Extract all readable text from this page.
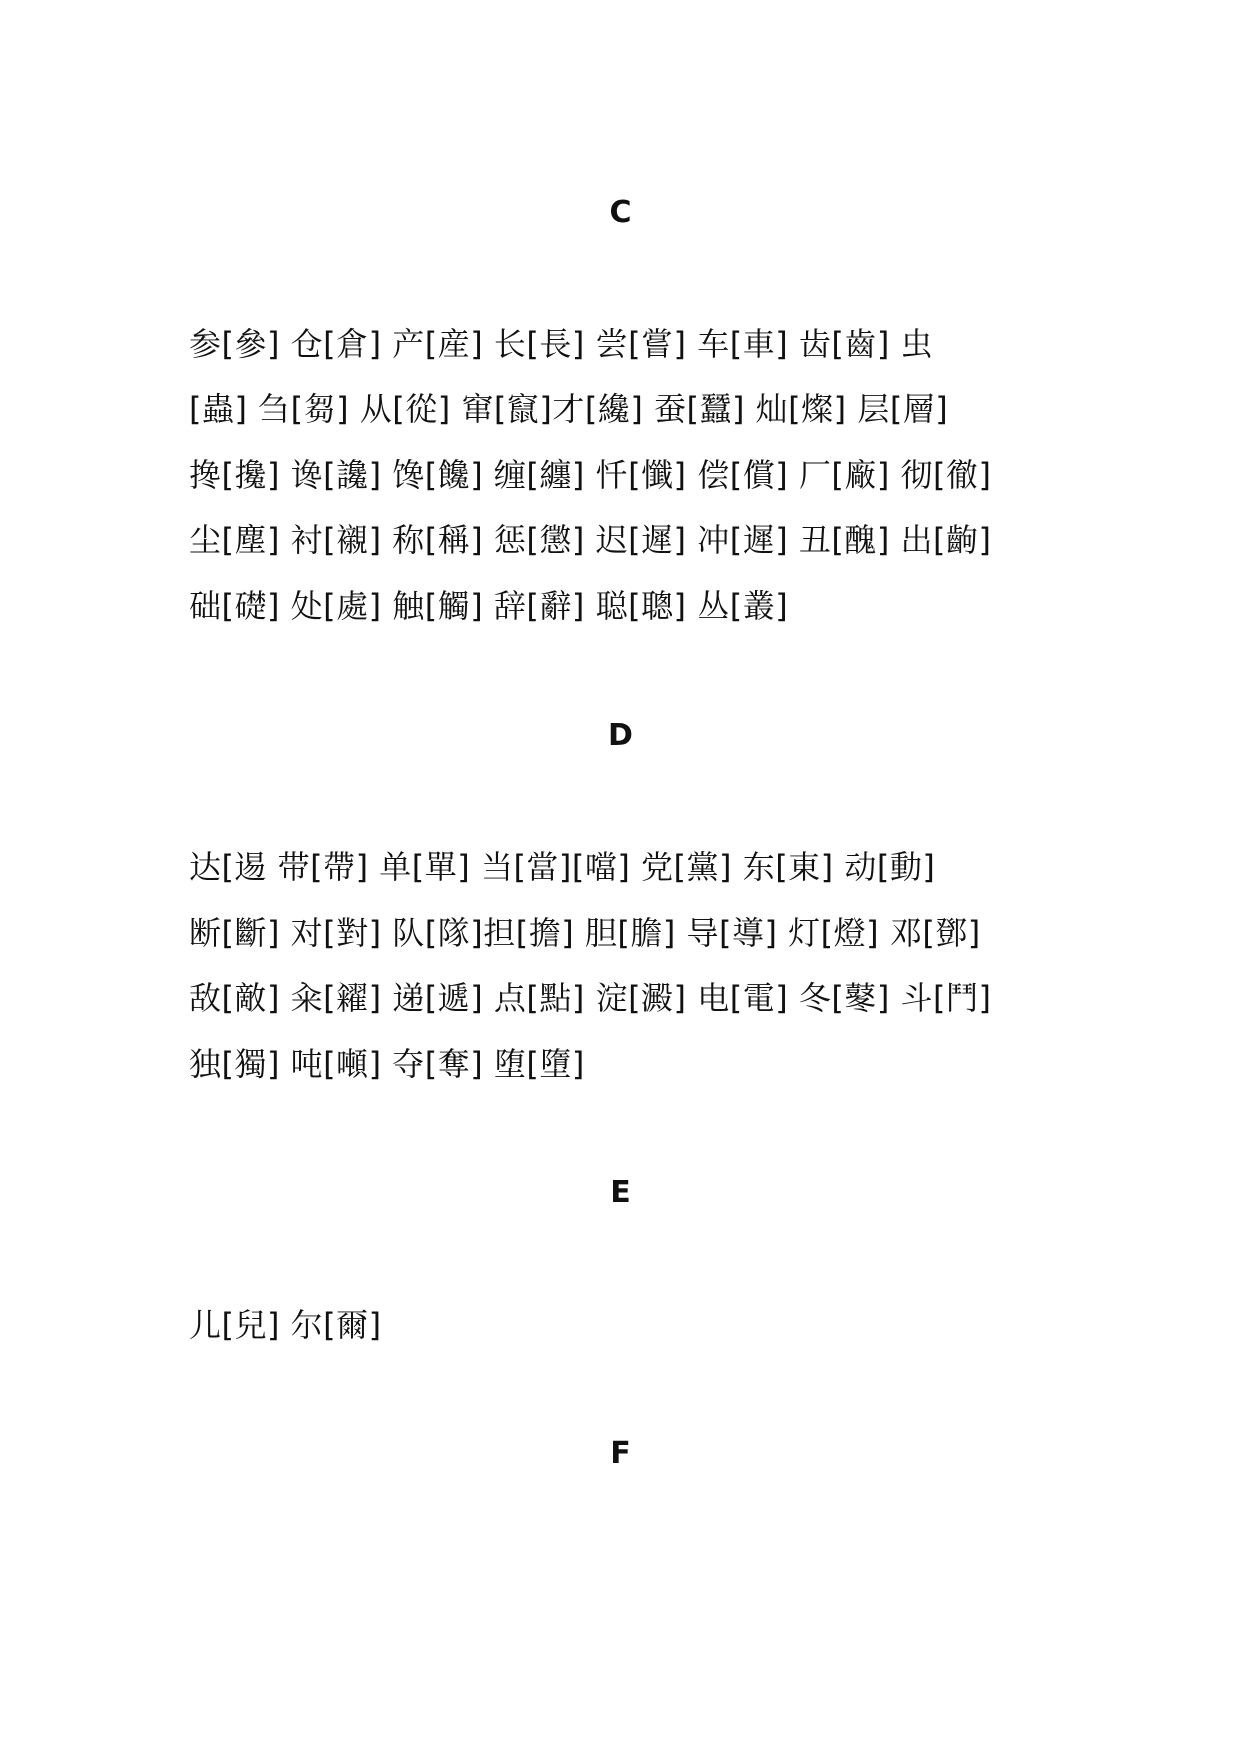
C

参[參] 仓[倉] 产[産] 长[長] 尝[嘗] 车[車] 齿[齒] 虫

[蟲] 刍[芻] 从[從] 窜[竄]才[纔] 蚕[蠶] 灿[燦] 层[層]

搀[攙] 谗[讒] 馋[饞] 缠[纏] 忏[懺] 偿[償] 厂[廠] 彻[徹]

尘[塵] 衬[襯] 称[稱] 惩[懲] 迟[遲] 冲[遲] 丑[醜] 出[齣]

础[礎] 处[處] 触[觸] 辞[辭] 聪[聰] 丛[叢]

D

达[逷 带[帶] 单[單] 当[當][噹] 党[黨] 东[東] 动[動]

断[斷] 对[對] 队[隊]担[擔] 胆[膽] 导[導] 灯[燈] 邓[鄧]

敌[敵] 籴[糴] 递[遞] 点[點] 淀[澱] 电[電] 冬[鼕] 斗[鬥]

独[獨] 吨[噸] 夺[奪] 堕[墮]

E

儿[兒] 尔[爾]

F
